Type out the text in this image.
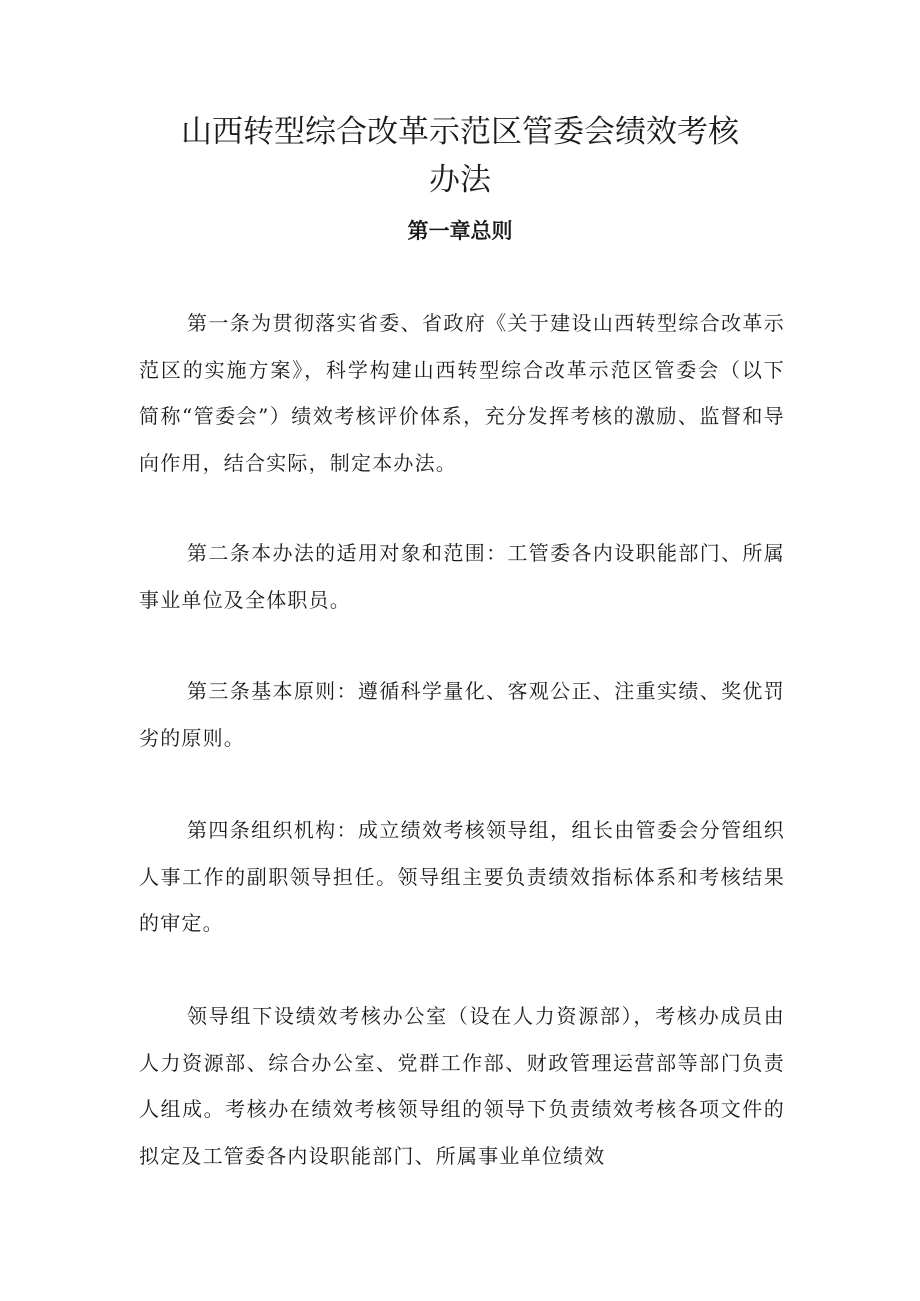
山西转型综合改革示范区管委会绩效考核
办法
第一章总则

第一条为贯彻落实省委、省政府《关于建设山西转型综合改革示范区的实施方案》，科学构建山西转型综合改革示范区管委会（以下简称“管委会”）绩效考核评价体系，充分发挥考核的激励、监督和导向作用，结合实际，制定本办法。

第二条本办法的适用对象和范围：工管委各内设职能部门、所属事业单位及全体职员。

第三条基本原则：遵循科学量化、客观公正、注重实绩、奖优罚劣的原则。

第四条组织机构：成立绩效考核领导组，组长由管委会分管组织人事工作的副职领导担任。领导组主要负责绩效指标体系和考核结果的审定。

领导组下设绩效考核办公室（设在人力资源部），考核办成员由人力资源部、综合办公室、党群工作部、财政管理运营部等部门负责人组成。考核办在绩效考核领导组的领导下负责绩效考核各项文件的拟定及工管委各内设职能部门、所属事业单位绩效
